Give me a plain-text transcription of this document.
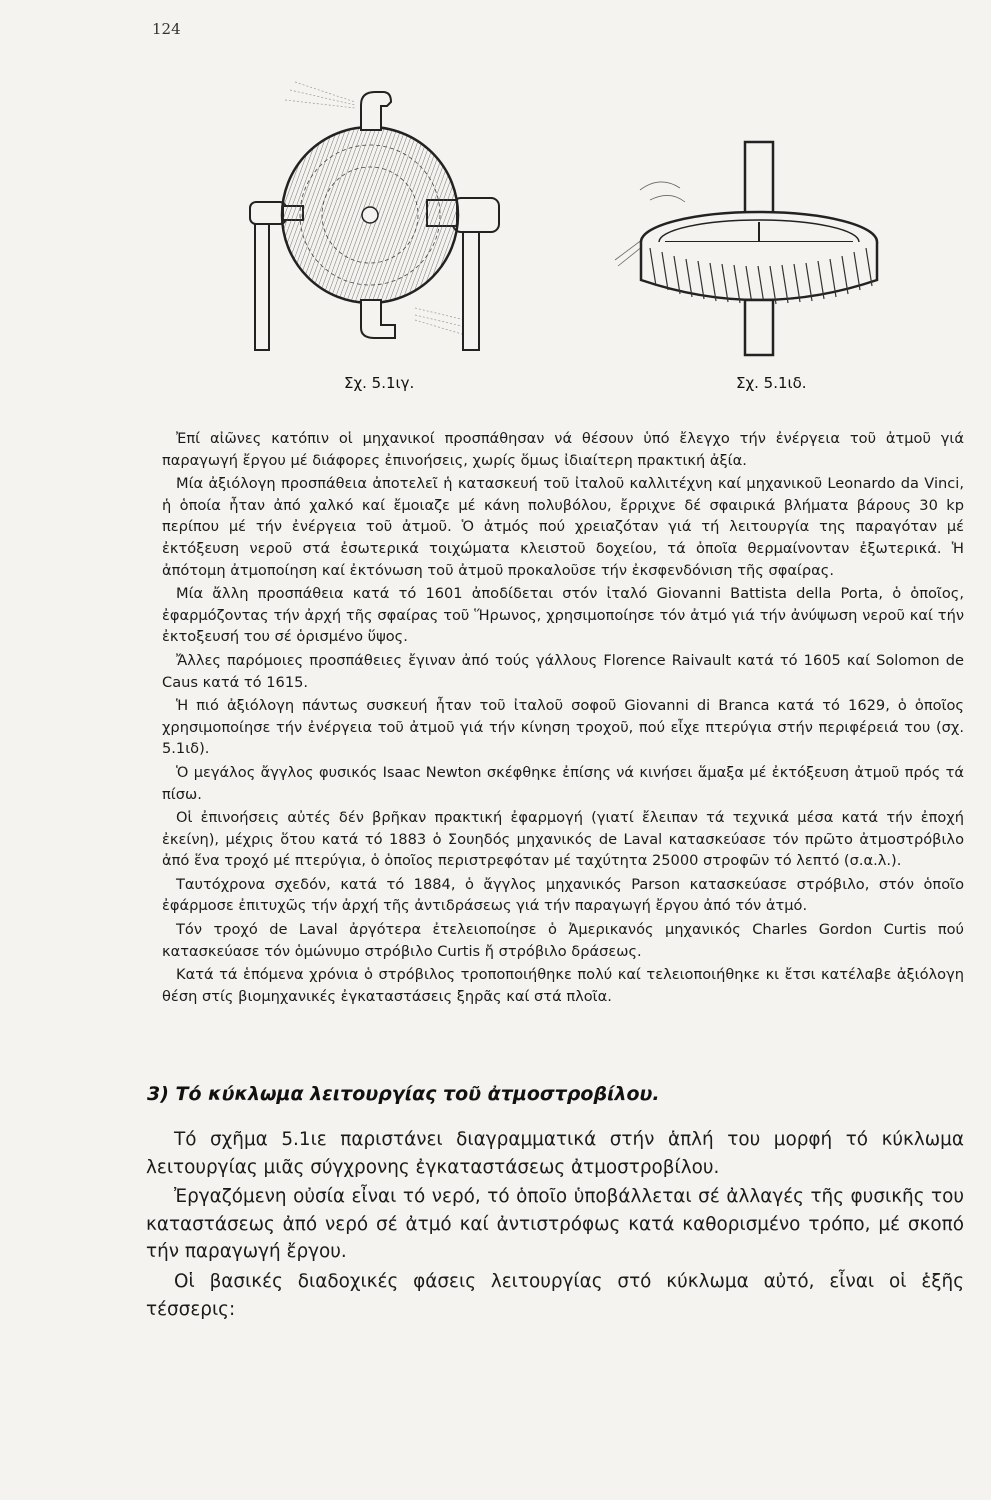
124
Σχ. 5.1ιγ.	Σχ. 5.1ιδ.

Ἐπί αἰῶνες κατόπιν οἱ μηχανικοί προσπάθησαν νά θέσουν ὑπό ἔλεγχο τήν ἐνέργεια τοῦ ἀτμοῦ γιά παραγωγή ἔργου μέ διάφορες ἐπινοήσεις, χωρίς ὅμως ἰδιαίτερη πρακτική ἀξία.

Μία ἀξιόλογη προσπάθεια ἀποτελεῖ ἡ κατασκευή τοῦ ἰταλοῦ καλλιτέχνη καί μηχανικοῦ Leonardo da Vinci, ἡ ὁποία ἦταν ἀπό χαλκό καί ἔμοιαζε μέ κάνη πολυβόλου, ἔρριχνε δέ σφαιρικά βλήματα βάρους 30 kp περίπου μέ τήν ἐνέργεια τοῦ ἀτμοῦ. Ὁ ἀτμός πού χρειαζόταν γιά τή λειτουργία της παραγόταν μέ ἐκτόξευση νεροῦ στά ἐσωτερικά τοιχώματα κλειστοῦ δοχείου, τά ὁποῖα θερμαίνονταν ἐξωτερικά. Ἡ ἀπότομη ἀτμοποίηση καί ἐκτόνωση τοῦ ἀτμοῦ προκαλοῦσε τήν ἐκσφενδόνιση τῆς σφαίρας.

Μία ἄλλη προσπάθεια κατά τό 1601 ἀποδίδεται στόν ἰταλό Giovanni Battista della Porta, ὁ ὁποῖος, ἐφαρμόζοντας τήν ἀρχή τῆς σφαίρας τοῦ Ἥρωνος, χρησιμοποίησε τόν ἀτμό γιά τήν ἀνύψωση νεροῦ καί τήν ἐκτοξευσή του σέ ὁρισμένο ὕψος.

Ἄλλες παρόμοιες προσπάθειες ἔγιναν ἀπό τούς γάλλους Florence Raivault κατά τό 1605 καί Solomon de Caus κατά τό 1615.

Ἡ πιό ἀξιόλογη πάντως συσκευή ἦταν τοῦ ἰταλοῦ σοφοῦ Giovanni di Branca κατά τό 1629, ὁ ὁποῖος χρησιμοποίησε τήν ἐνέργεια τοῦ ἀτμοῦ γιά τήν κίνηση τροχοῦ, πού εἶχε πτερύγια στήν περιφέρειά του (σχ. 5.1ιδ).

Ὁ μεγάλος ἄγγλος φυσικός Isaac Newton σκέφθηκε ἐπίσης νά κινήσει ἅμαξα μέ ἐκτόξευση ἀτμοῦ πρός τά πίσω.

Οἱ ἐπινοήσεις αὐτές δέν βρῆκαν πρακτική ἐφαρμογή (γιατί ἔλειπαν τά τεχνικά μέσα κατά τήν ἐποχή ἐκείνη), μέχρις ὅτου κατά τό 1883 ὁ Σουηδός μηχανικός de Laval κατασκεύασε τόν πρῶτο ἀτμοστρόβιλο ἀπό ἕνα τροχό μέ πτερύγια, ὁ ὁποῖος περιστρεφόταν μέ ταχύτητα 25000 στροφῶν τό λεπτό (σ.α.λ.).

Ταυτόχρονα σχεδόν, κατά τό 1884, ὁ ἄγγλος μηχανικός Parson κατασκεύασε στρόβιλο, στόν ὁποῖο ἐφάρμοσε ἐπιτυχῶς τήν ἀρχή τῆς ἀντιδράσεως γιά τήν παραγωγή ἔργου ἀπό τόν ἀτμό.

Τόν τροχό de Laval ἀργότερα ἐτελειοποίησε ὁ Ἀμερικανός μηχανικός Charles Gordon Curtis πού κατασκεύασε τόν ὁμώνυμο στρόβιλο Curtis ἤ στρόβιλο δράσεως.

Κατά τά ἑπόμενα χρόνια ὁ στρόβιλος τροποποιήθηκε πολύ καί τελειοποιήθηκε κι ἔτσι κατέλαβε ἀξιόλογη θέση στίς βιομηχανικές ἐγκαταστάσεις ξηρᾶς καί στά πλοῖα.

3) Τό κύκλωμα λειτουργίας τοῦ ἀτμοστροβίλου.

Τό σχῆμα 5.1ιε παριστάνει διαγραμματικά στήν ἁπλή του μορφή τό κύκλωμα λειτουργίας μιᾶς σύγχρονης ἐγκαταστάσεως ἀτμοστροβίλου.

Ἐργαζόμενη οὐσία εἶναι τό νερό, τό ὁποῖο ὑποβάλλεται σέ ἀλλαγές τῆς φυσικῆς του καταστάσεως ἀπό νερό σέ ἀτμό καί ἀντιστρόφως κατά καθορισμένο τρόπο, μέ σκοπό τήν παραγωγή ἔργου.

Οἱ βασικές διαδοχικές φάσεις λειτουργίας στό κύκλωμα αὐτό, εἶναι οἱ ἑξῆς τέσσερις:
